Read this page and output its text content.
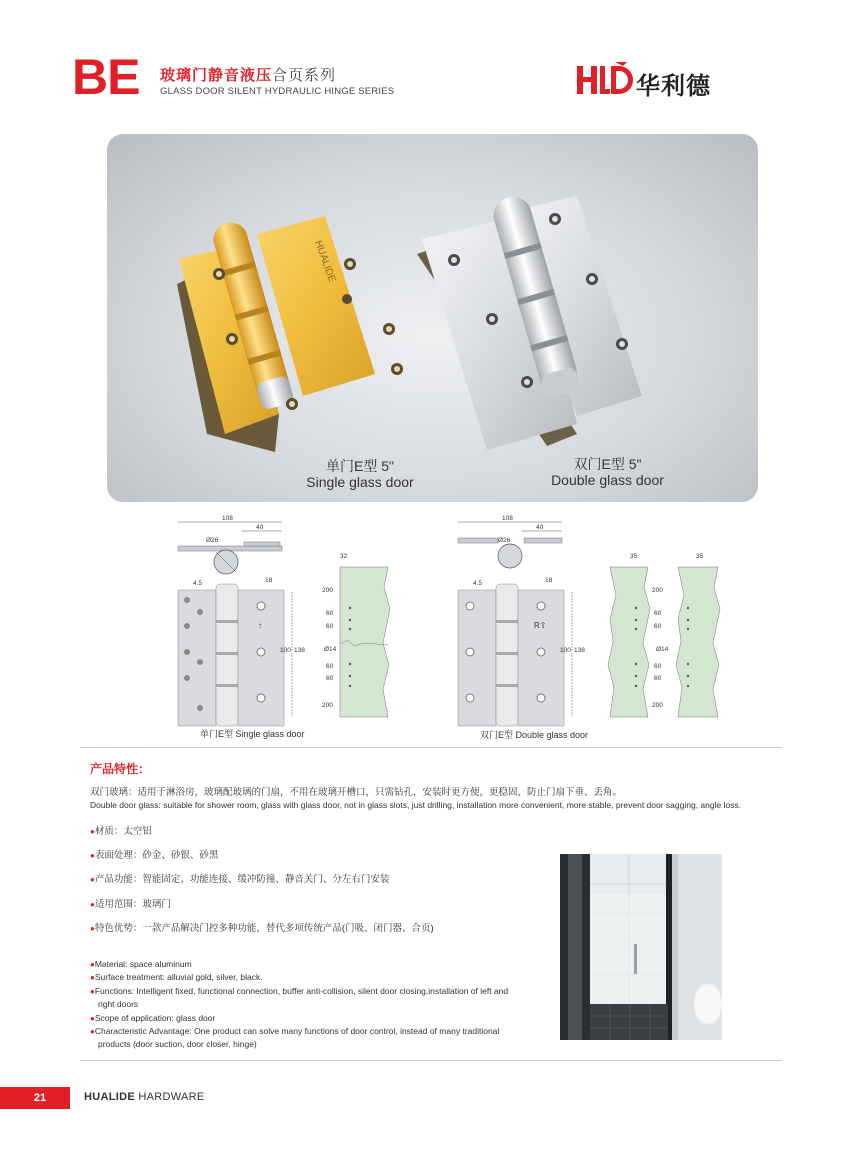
BE 玻璃门静音液压合页系列
GLASS DOOR SILENT HYDRAULIC HINGE SERIES	华利德
HUALIDE
单门E型 5"
Single glass door
双门E型 5"
Double glass door
108
40
Ø26
4.5	18
↑
100 138
32
200
60
60
Ø14
60
60
200
108
40
Ø26
4.5	18
R⇧
100 138
35
200
60
60
Ø14
60
60
200
35
单门E型 Single glass door	双门E型 Double glass door
产品特性：
双门玻璃：适用于淋浴房，玻璃配玻璃的门扇，不用在玻璃开槽口，只需钻孔，安装时更方便，更稳固，防止门扇下垂、丢角。
Double door glass: suitable for shower room, glass with glass door, not in glass slots, just drilling, installation more convenient, more stable, prevent door sagging, angle loss.
●材质：太空铝
●表面处理：砂金、砂银、砂黑
●产品功能：智能固定、功能连接、缓冲防撞、静音关门、分左右门安装
●适用范围：玻璃门
●特色优势：一款产品解决门控多种功能，替代多项传统产品(门吸、闭门器、合页)
●Material: space aluminum
●Surface treatment: alluvial gold, silver, black.
●Functions: Intelligent fixed, functional connection, buffer anti-collision, silent door closing,installation of left and right doors
●Scope of application: glass door
●Characteristic Advantage: One product can solve many functions of door control, instead of many traditional products (door suction, door closer, hinge)
21	HUALIDE HARDWARE
